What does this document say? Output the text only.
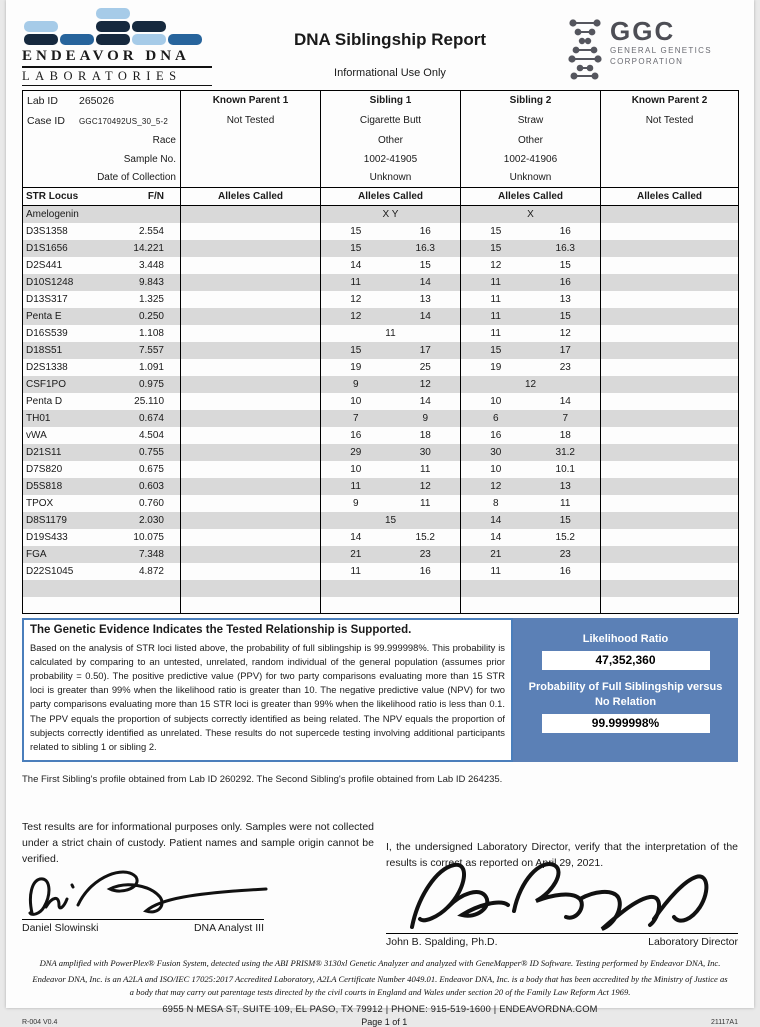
ENDEAVOR DNA
LABORATORIES
DNA Siblingship Report
Informational Use Only
GGC
GENERAL GENETICS
CORPORATION
Lab ID 265026	Known Parent 1	Sibling 1	Sibling 2	Known Parent 2

Case ID GGC170492US_30_5-2	Not Tested	Cigarette Butt	Straw	Not Tested
Race		Other	Other	
Sample No.		1002-41905	1002-41906	
Date of Collection		Unknown	Unknown	

STR Locus F/N	Alleles Called	Alleles Called	Alleles Called	Alleles Called

Amelogenin		X Y	X	

D3S1358 2.554		15 16	15 16	

D1S1656 14.221		15 16.3	15 16.3	

D2S441 3.448		14 15	12 15	

D10S1248 9.843		11 14	11 16	

D13S317 1.325		12 13	11 13	

Penta E 0.250		12 14	11 15	

D16S539 1.108		11	11 12	

D18S51 7.557		15 17	15 17	

D2S1338 1.091		19 25	19 23	

CSF1PO 0.975		9 12	12	

Penta D 25.110		10 14	10 14	

TH01 0.674		7 9	6 7	

vWA 4.504		16 18	16 18	

D21S11 0.755		29 30	30 31.2	

D7S820 0.675		10 11	10 10.1	

D5S818 0.603		11 12	12 13	

TPOX 0.760		9 11	8 11	

D8S1179 2.030		15	14 15	

D19S433 10.075		14 15.2	14 15.2	

FGA 7.348		21 23	21 23	

D22S1045 4.872		11 16	11 16	

The Genetic Evidence Indicates the Tested Relationship is Supported.
Based on the analysis of STR loci listed above, the probability of full siblingship is 99.999998%. This probability is calculated by comparing to an untested, unrelated, random individual of the general population (assumes prior probability = 0.50). The positive predictive value (PPV) for two party comparisons evaluating more than 15 STR loci is greater than 99% when the likelihood ratio is greater than 10. The negative predictive value (NPV) for two party comparisons evaluating more than 15 STR loci is greater than 99% when the likelihood ratio is less than 0.1. The PPV equals the proportion of subjects correctly identified as being related. The NPV equals the proportion of subjects correctly identified as unrelated. These results do not supercede testing involving additional participants related to sibling 1 or sibling 2.
Likelihood Ratio
47,352,360
Probability of Full Siblingship versus No Relation
99.999998%

The First Sibling's profile obtained from Lab ID 260292. The Second Sibling's profile obtained from Lab ID 264235.

Test results are for informational purposes only. Samples were not collected under a strict chain of custody. Patient names and sample origin cannot be verified.

I, the undersigned Laboratory Director, verify that the interpretation of the results is correct as reported on April 29, 2021.

Daniel Slowinski	DNA Analyst III
John B. Spalding, Ph.D.	Laboratory Director

DNA amplified with PowerPlex® Fusion System, detected using the ABI PRISM® 3130xl Genetic Analyzer and analyzed with GeneMapper® ID Software. Testing performed by Endeavor DNA, Inc.

Endeavor DNA, Inc. is an A2LA and ISO/IEC 17025:2017 Accredited Laboratory, A2LA Certificate Number 4049.01. Endeavor DNA, Inc. is a body that has been accredited by the Ministry of Justice as a body that may carry out parentage tests directed by the civil courts in England and Wales under section 20 of the Family Law Reform Act 1969.

6955 N MESA ST, SUITE 109, EL PASO, TX 79912 | PHONE: 915-519-1600 | ENDEAVORDNA.COM

R-004 V0.4	Page 1 of 1	21117A1
